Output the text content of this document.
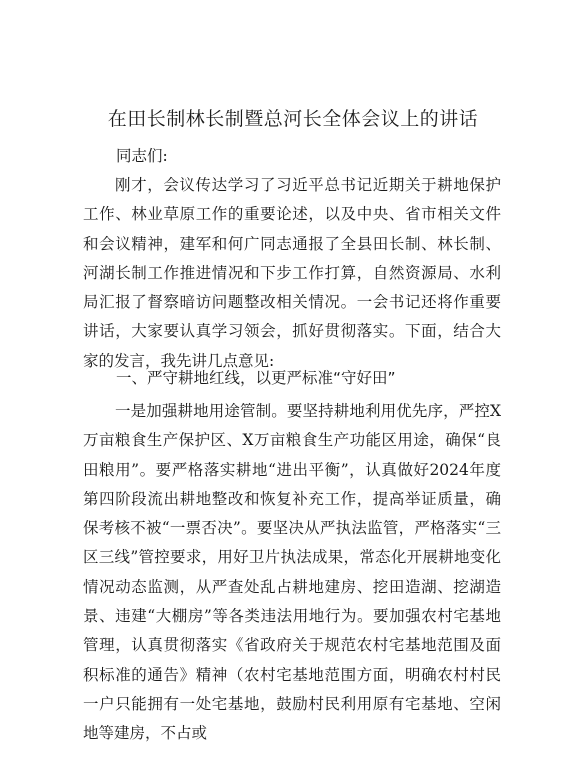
在田长制林长制暨总河长全体会议上的讲话
同志们:

刚才，会议传达学习了习近平总书记近期关于耕地保护工作、林业草原工作的重要论述，以及中央、省市相关文件和会议精神，建军和何广同志通报了全县田长制、林长制、河湖长制工作推进情况和下步工作打算，自然资源局、水利局汇报了督察暗访问题整改相关情况。一会书记还将作重要讲话，大家要认真学习领会，抓好贯彻落实。下面，结合大家的发言，我先讲几点意见:

一、严守耕地红线，以更严标准“守好田”

一是加强耕地用途管制。要坚持耕地利用优先序，严控X万亩粮食生产保护区、X万亩粮食生产功能区用途，确保“良田粮用”。要严格落实耕地“进出平衡”，认真做好2024年度第四阶段流出耕地整改和恢复补充工作，提高举证质量，确保考核不被“一票否决”。要坚决从严执法监管，严格落实“三区三线”管控要求，用好卫片执法成果，常态化开展耕地变化情况动态监测，从严查处乱占耕地建房、挖田造湖、挖湖造景、违建“大棚房”等各类违法用地行为。要加强农村宅基地管理，认真贯彻落实《省政府关于规范农村宅基地范围及面积标准的通告》精神（农村宅基地范围方面，明确农村村民一户只能拥有一处宅基地，鼓励村民利用原有宅基地、空闲地等建房，不占或
